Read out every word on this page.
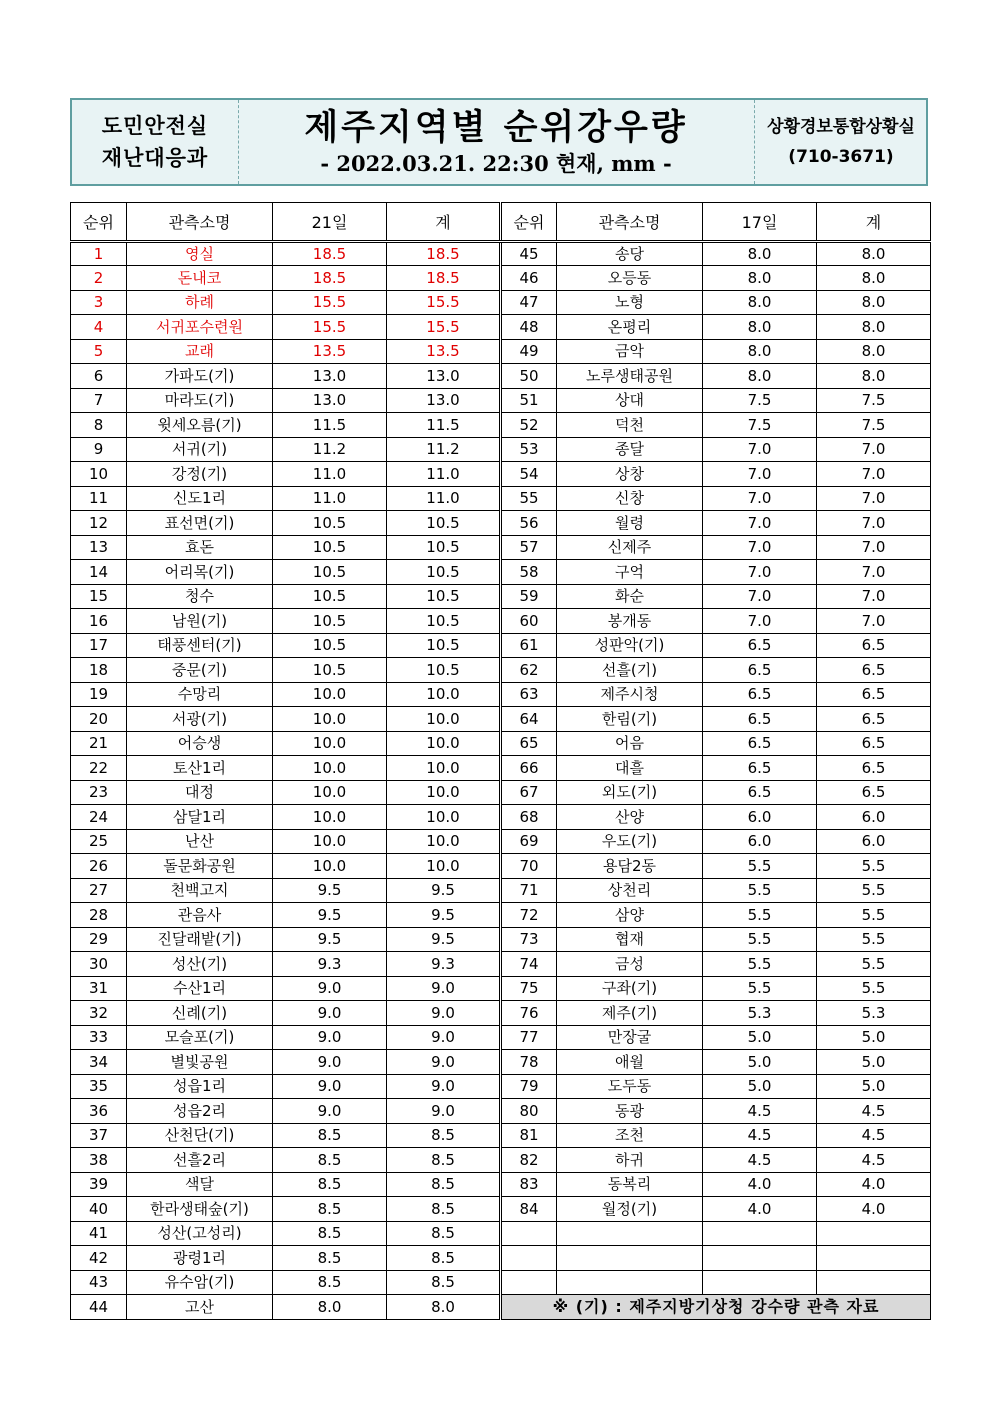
도민안전실
재난대응과
제주지역별 순위강우량
- 2022.03.21. 22:30 현재, mm -
상황경보통합상황실
(710-3671)
순위	관측소명	21일	계	순위	관측소명	17일	계
1	영실	18.5	18.5	45	송당	8.0	8.0
2	돈내코	18.5	18.5	46	오등동	8.0	8.0
3	하례	15.5	15.5	47	노형	8.0	8.0
4	서귀포수련원	15.5	15.5	48	온평리	8.0	8.0
5	교래	13.5	13.5	49	금악	8.0	8.0
6	가파도(기)	13.0	13.0	50	노루생태공원	8.0	8.0
7	마라도(기)	13.0	13.0	51	상대	7.5	7.5
8	윗세오름(기)	11.5	11.5	52	덕천	7.5	7.5
9	서귀(기)	11.2	11.2	53	종달	7.0	7.0
10	강정(기)	11.0	11.0	54	상창	7.0	7.0
11	신도1리	11.0	11.0	55	신창	7.0	7.0
12	표선면(기)	10.5	10.5	56	월령	7.0	7.0
13	효돈	10.5	10.5	57	신제주	7.0	7.0
14	어리목(기)	10.5	10.5	58	구억	7.0	7.0
15	청수	10.5	10.5	59	화순	7.0	7.0
16	남원(기)	10.5	10.5	60	봉개동	7.0	7.0
17	태풍센터(기)	10.5	10.5	61	성판악(기)	6.5	6.5
18	중문(기)	10.5	10.5	62	선흘(기)	6.5	6.5
19	수망리	10.0	10.0	63	제주시청	6.5	6.5
20	서광(기)	10.0	10.0	64	한림(기)	6.5	6.5
21	어승생	10.0	10.0	65	어음	6.5	6.5
22	토산1리	10.0	10.0	66	대흘	6.5	6.5
23	대정	10.0	10.0	67	외도(기)	6.5	6.5
24	삼달1리	10.0	10.0	68	산양	6.0	6.0
25	난산	10.0	10.0	69	우도(기)	6.0	6.0
26	돌문화공원	10.0	10.0	70	용담2동	5.5	5.5
27	천백고지	9.5	9.5	71	상천리	5.5	5.5
28	관음사	9.5	9.5	72	삼양	5.5	5.5
29	진달래밭(기)	9.5	9.5	73	협재	5.5	5.5
30	성산(기)	9.3	9.3	74	금성	5.5	5.5
31	수산1리	9.0	9.0	75	구좌(기)	5.5	5.5
32	신례(기)	9.0	9.0	76	제주(기)	5.3	5.3
33	모슬포(기)	9.0	9.0	77	만장굴	5.0	5.0
34	별빛공원	9.0	9.0	78	애월	5.0	5.0
35	성읍1리	9.0	9.0	79	도두동	5.0	5.0
36	성읍2리	9.0	9.0	80	동광	4.5	4.5
37	산천단(기)	8.5	8.5	81	조천	4.5	4.5
38	선흘2리	8.5	8.5	82	하귀	4.5	4.5
39	색달	8.5	8.5	83	동복리	4.0	4.0
40	한라생태숲(기)	8.5	8.5	84	월정(기)	4.0	4.0
41	성산(고성리)	8.5	8.5				
42	광령1리	8.5	8.5				
43	유수암(기)	8.5	8.5				
44	고산	8.0	8.0	※ (기) : 제주지방기상청 강수량 관측 자료			
